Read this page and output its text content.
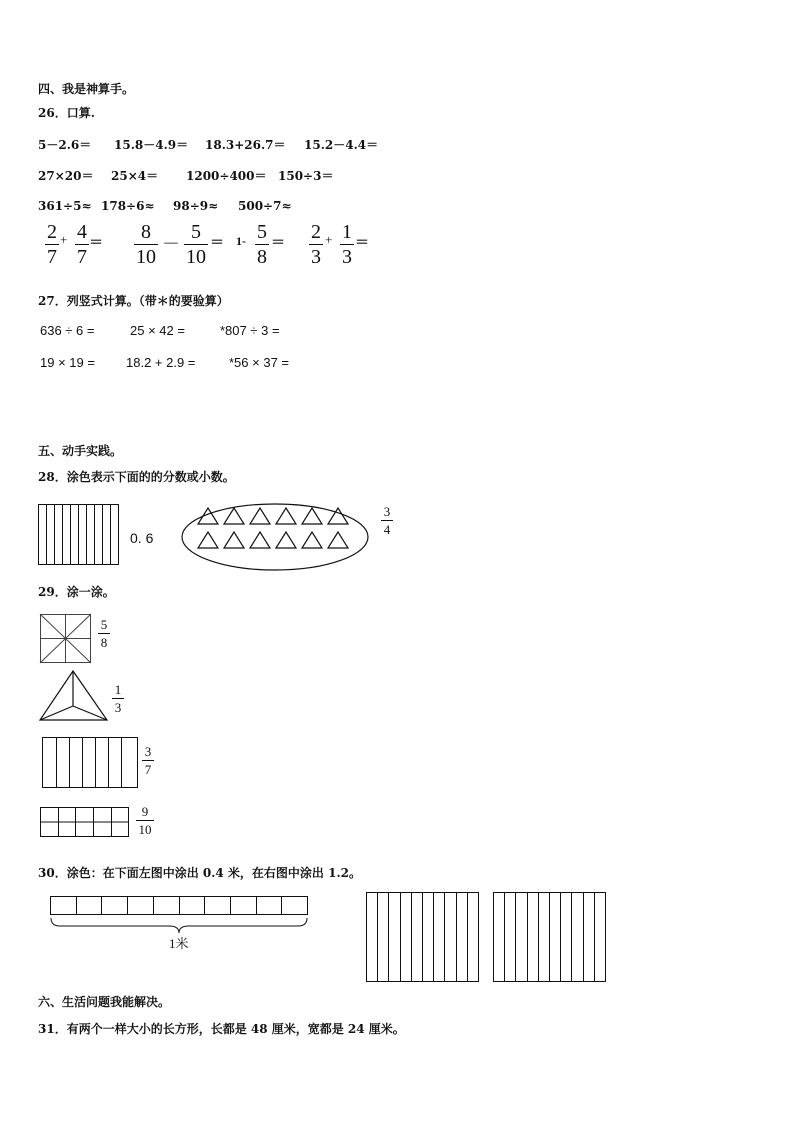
四、我是神算手。
26．口算.
5－2.6＝ 15.8－4.9＝ 18.3+26.7＝ 15.2－4.4＝
27×20＝ 25×4＝ 1200÷400＝ 150÷3＝
361÷5≈ 178÷6≈ 98÷9≈ 500÷7≈
2
7
+ 4
7
＝
8
10
－
5
10
＝ 1- 5
8
＝
2
3
+ 1
3
＝
27．列竖式计算。（带＊的要验算）
636 ÷ 6 =	25 × 42 =	*807 ÷ 3 =
19 × 19 = 18.2 + 2.9 =	*56 × 37 =
五、动手实践。
28．涂色表示下面的的分数或小数。
0. 6
3
4
29．涂一涂。
5
8
1
3
3
7
9
10
30．涂色：在下面左图中涂出 0.4 米，在右图中涂出 1.2。
1米
六、生活问题我能解决。
31．有两个一样大小的长方形，长都是 48 厘米，宽都是 24 厘米。
